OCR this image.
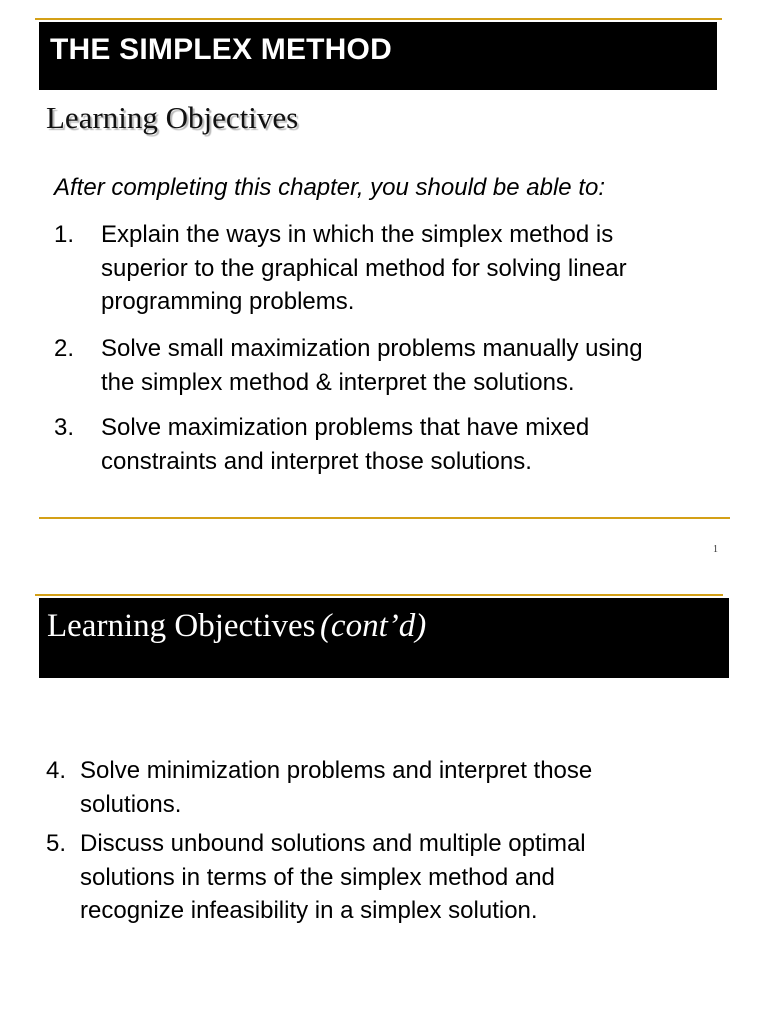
THE SIMPLEX METHOD
Learning Objectives
After completing this chapter, you should be able to:
1. Explain the ways in which the simplex method is
superior to the graphical method for solving linear
programming problems.
2. Solve small maximization problems manually using
the simplex method & interpret the solutions.
3. Solve maximization problems that have mixed
constraints and interpret those solutions.
1
Learning Objectives (cont’d)
4. Solve minimization problems and interpret those
solutions.
5. Discuss unbound solutions and multiple optimal
solutions in terms of the simplex method and
recognize infeasibility in a simplex solution.
